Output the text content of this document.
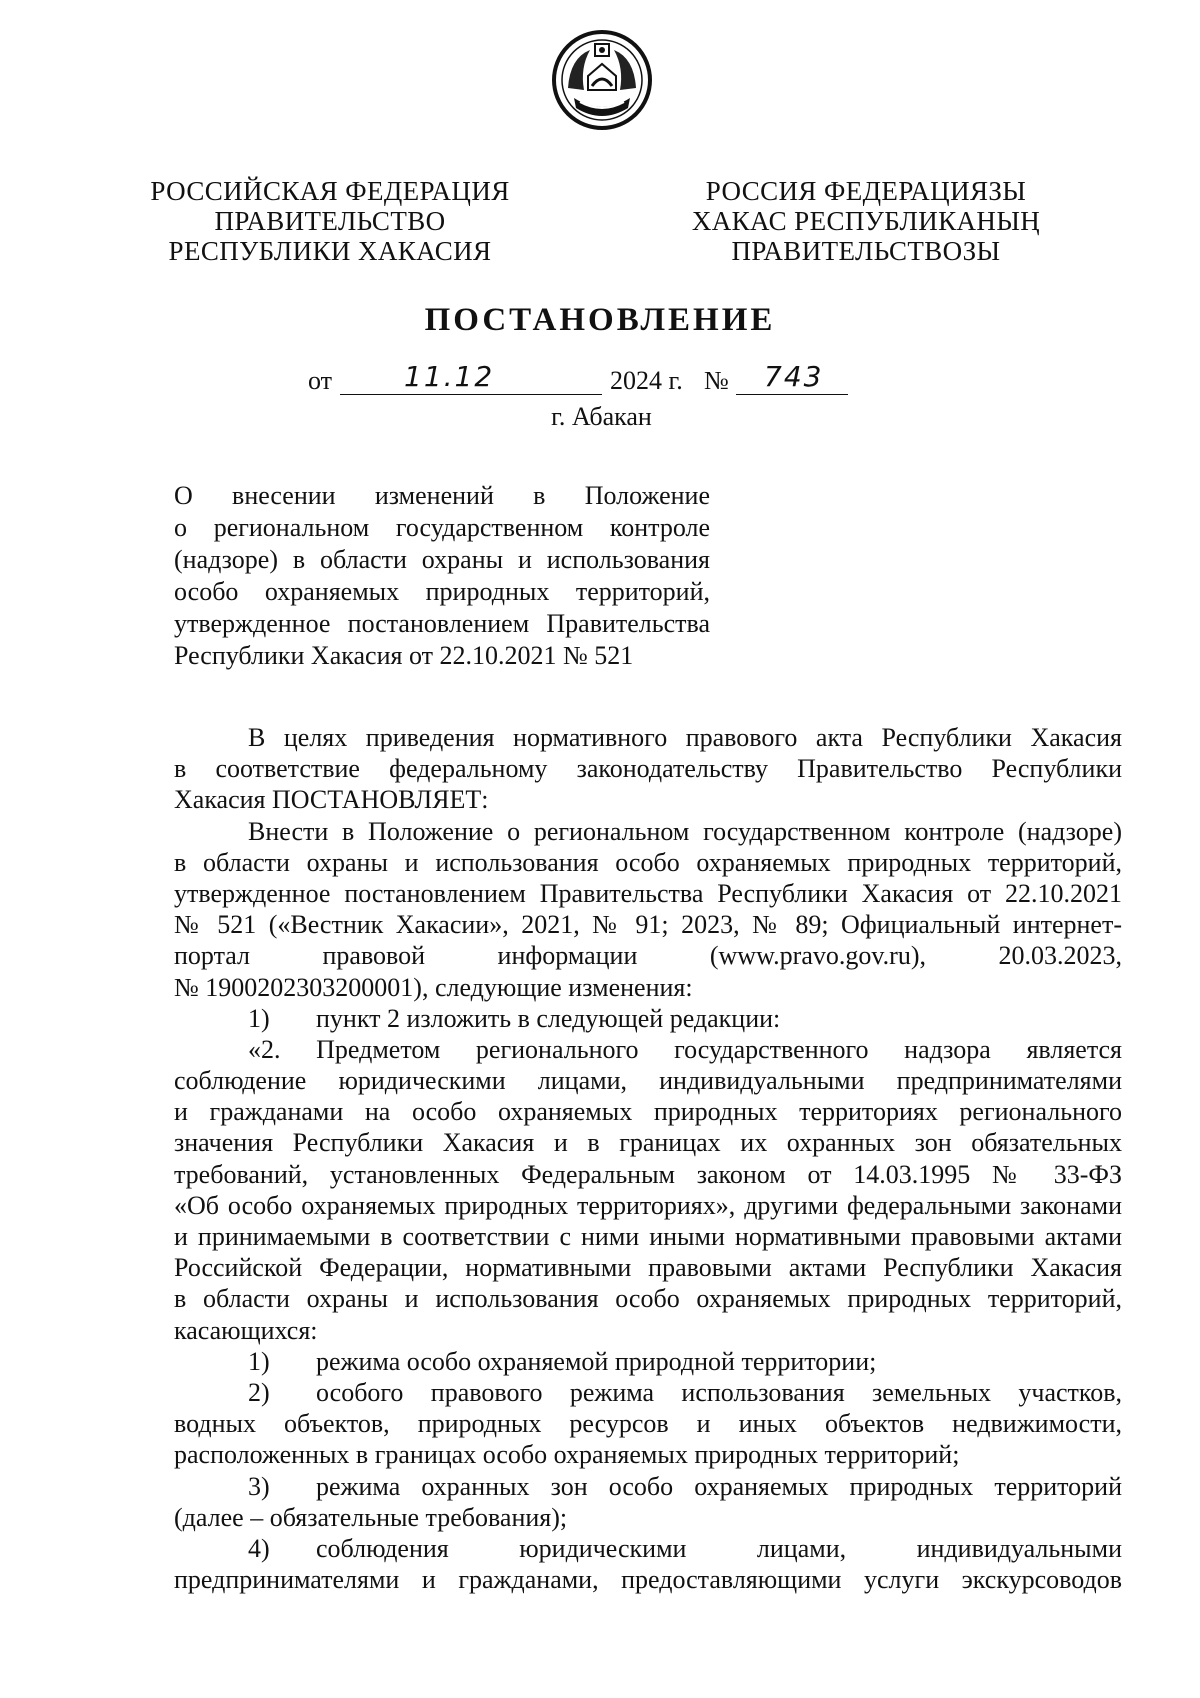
РОССИЙСКАЯ ФЕДЕРАЦИЯ
ПРАВИТЕЛЬСТВО
РЕСПУБЛИКИ ХАКАСИЯ
РОССИЯ ФЕДЕРАЦИЯЗЫ
ХАКАС РЕСПУБЛИКАНЫҢ
ПРАВИТЕЛЬСТВОЗЫ
ПОСТАНОВЛЕНИЕ
от	11.12	2024 г. № 743
г. Абакан
О внесении изменений в Положение
о региональном государственном контроле
(надзоре) в области охраны и использования
особо охраняемых природных территорий,
утвержденное постановлением Правительства
Республики Хакасия от 22.10.2021 № 521
В целях приведения нормативного правового акта Республики Хакасия
в соответствие федеральному законодательству Правительство Республики
Хакасия ПОСТАНОВЛЯЕТ:
Внести в Положение о региональном государственном контроле (надзоре)
в области охраны и использования особо охраняемых природных территорий,
утвержденное постановлением Правительства Республики Хакасия от 22.10.2021
№ 521 («Вестник Хакасии», 2021, № 91; 2023, № 89; Официальный интернет-
портал правовой информации (www.pravo.gov.ru), 20.03.2023,
№ 1900202303200001), следующие изменения:
1) пункт 2 изложить в следующей редакции:
«2. Предметом регионального государственного надзора является
соблюдение юридическими лицами, индивидуальными предпринимателями
и гражданами на особо охраняемых природных территориях регионального
значения Республики Хакасия и в границах их охранных зон обязательных
требований, установленных Федеральным законом от 14.03.1995 № 33-ФЗ
«Об особо охраняемых природных территориях», другими федеральными законами
и принимаемыми в соответствии с ними иными нормативными правовыми актами
Российской Федерации, нормативными правовыми актами Республики Хакасия
в области охраны и использования особо охраняемых природных территорий,
касающихся:
1) режима особо охраняемой природной территории;
2) особого правового режима использования земельных участков,
водных объектов, природных ресурсов и иных объектов недвижимости,
расположенных в границах особо охраняемых природных территорий;
3) режима охранных зон особо охраняемых природных территорий
(далее – обязательные требования);
4) соблюдения юридическими лицами, индивидуальными
предпринимателями и гражданами, предоставляющими услуги экскурсоводов
